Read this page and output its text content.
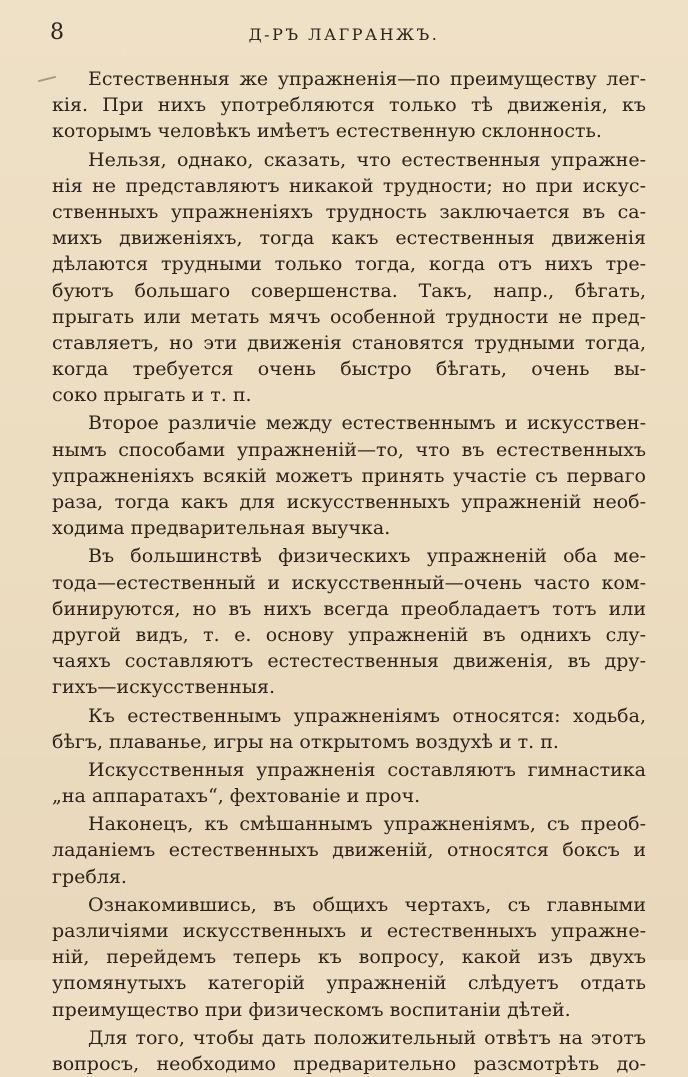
8	Д-РЪ ЛАГРАНЖЪ.

Естественныя же упражненія—по преимуществу лег-
кія. При нихъ употребляются только тѣ движенія, къ
которымъ человѣкъ имѣетъ естественную склонность.

Нельзя, однако, сказать, что естественныя упражне-
нія не представляютъ никакой трудности; но при искус-
ственныхъ упражненіяхъ трудность заключается въ са-
михъ движеніяхъ, тогда какъ естественныя движенія
дѣлаются трудными только тогда, когда отъ нихъ тре-
буютъ большаго совершенства. Такъ, напр., бѣгать,
прыгать или метать мячъ особенной трудности не пред-
ставляетъ, но эти движенія становятся трудными тогда,
когда требуется очень быстро бѣгать, очень вы-
соко прыгать и т. п.

Второе различіе между естественнымъ и искусствен-
нымъ способами упражненій—то, что въ естественныхъ
упражненіяхъ всякій можетъ принять участіе съ перваго
раза, тогда какъ для искусственныхъ упражненій необ-
ходима предварительная выучка.

Въ большинствѣ физическихъ упражненій оба ме-
тода—естественный и искусственный—очень часто ком-
бинируются, но въ нихъ всегда преобладаетъ тотъ или
другой видъ, т. е. основу упражненій въ однихъ слу-
чаяхъ составляютъ естестественныя движенія, въ дру-
гихъ—искусственныя.

Къ естественнымъ упражненіямъ относятся: ходьба,
бѣгъ, плаванье, игры на открытомъ воздухѣ и т. п.

Искусственныя упражненія составляютъ гимнастика
„на аппаратахъ“, фехтованіе и проч.

Наконецъ, къ смѣшаннымъ упражненіямъ, съ преоб-
ладаніемъ естественныхъ движеній, относятся боксъ и
гребля.

Ознакомившись, въ общихъ чертахъ, съ главными
различіями искусственныхъ и естественныхъ упражне-
ній, перейдемъ теперь къ вопросу, какой изъ двухъ
упомянутыхъ категорій упражненій слѣдуетъ отдать
преимущество при физическомъ воспитаніи дѣтей.

Для того, чтобы дать положительный отвѣтъ на этотъ
вопросъ, необходимо предварительно разсмотрѣть до-
